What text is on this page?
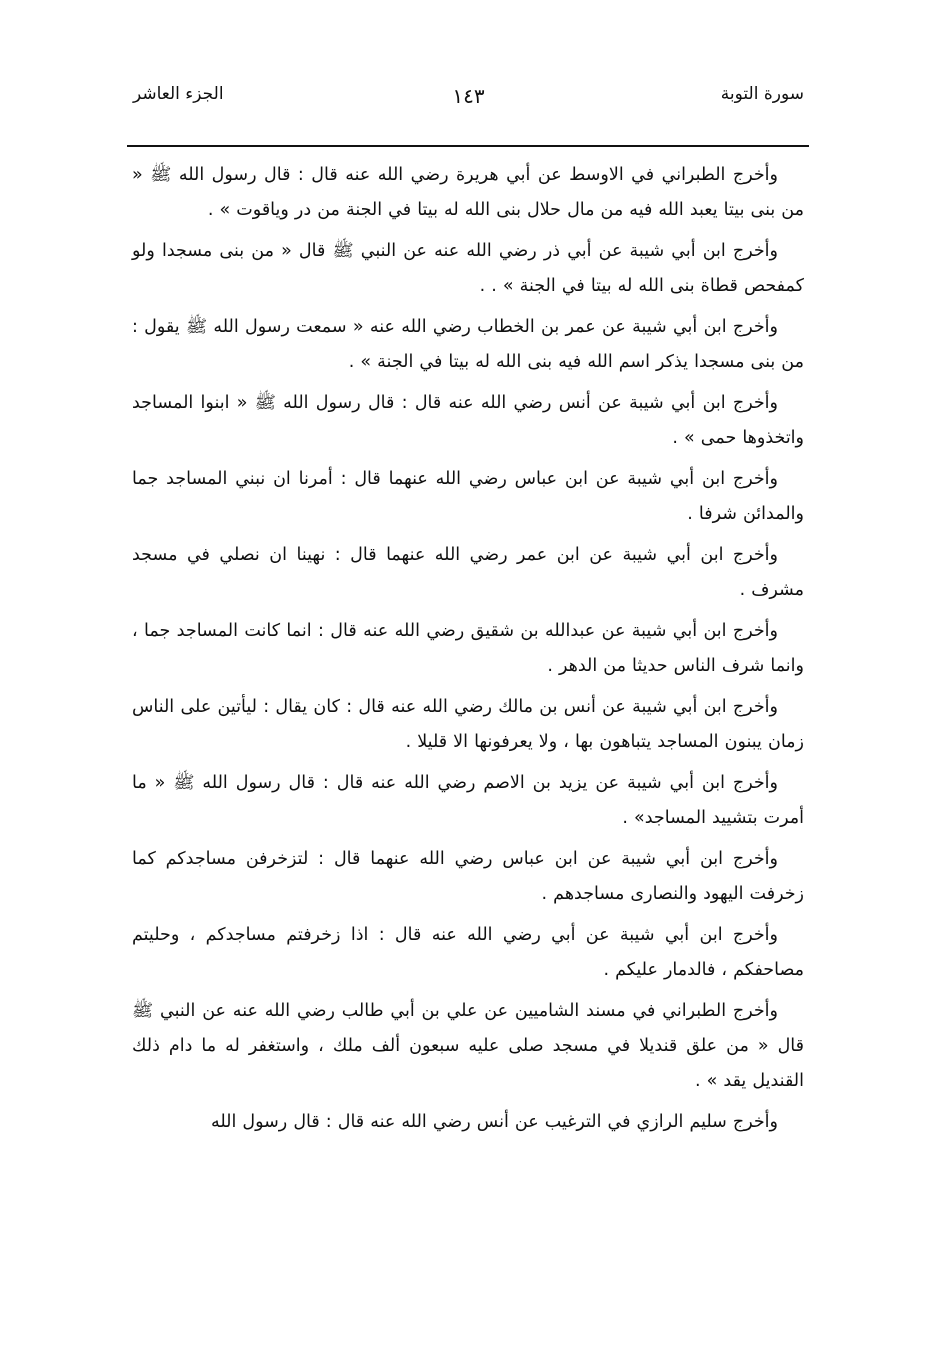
سورة التوبة
١٤٣
الجزء العاشر

وأخرج الطبراني في الاوسط عن أبي هريرة رضي الله عنه قال : قال رسول الله ﷺ « من بنى بيتا يعبد الله فيه من مال حلال بنى الله له بيتا في الجنة من در وياقوت » .

وأخرج ابن أبي شيبة عن أبي ذر رضي الله عنه عن النبي ﷺ قال « من بنى مسجدا ولو كمفحص قطاة بنى الله له بيتا في الجنة » . .

وأخرج ابن أبي شيبة عن عمر بن الخطاب رضي الله عنه « سمعت رسول الله ﷺ يقول : من بنى مسجدا يذكر اسم الله فيه بنى الله له بيتا في الجنة » .

وأخرج ابن أبي شيبة عن أنس رضي الله عنه قال : قال رسول الله ﷺ « ابنوا المساجد واتخذوها حمى » .

وأخرج ابن أبي شيبة عن ابن عباس رضي الله عنهما قال : أمرنا ان نبني المساجد جما والمدائن شرفا .

وأخرج ابن أبي شيبة عن ابن عمر رضي الله عنهما قال : نهينا ان نصلي في مسجد مشرف .

وأخرج ابن أبي شيبة عن عبدالله بن شقيق رضي الله عنه قال : انما كانت المساجد جما ، وانما شرف الناس حديثا من الدهر .

وأخرج ابن أبي شيبة عن أنس بن مالك رضي الله عنه قال : كان يقال : ليأتين على الناس زمان يبنون المساجد يتباهون بها ، ولا يعرفونها الا قليلا .

وأخرج ابن أبي شيبة عن يزيد بن الاصم رضي الله عنه قال : قال رسول الله ﷺ « ما أمرت بتشييد المساجد» .

وأخرج ابن أبي شيبة عن ابن عباس رضي الله عنهما قال : لتزخرفن مساجدكم كما زخرفت اليهود والنصارى مساجدهم .

وأخرج ابن أبي شيبة عن أبي رضي الله عنه قال : اذا زخرفتم مساجدكم ، وحليتم مصاحفكم ، فالدمار عليكم .

وأخرج الطبراني في مسند الشاميين عن علي بن أبي طالب رضي الله عنه عن النبي ﷺ قال « من علق قنديلا في مسجد صلى عليه سبعون ألف ملك ، واستغفر له ما دام ذلك القنديل يقد » .

وأخرج سليم الرازي في الترغيب عن أنس رضي الله عنه قال : قال رسول الله
